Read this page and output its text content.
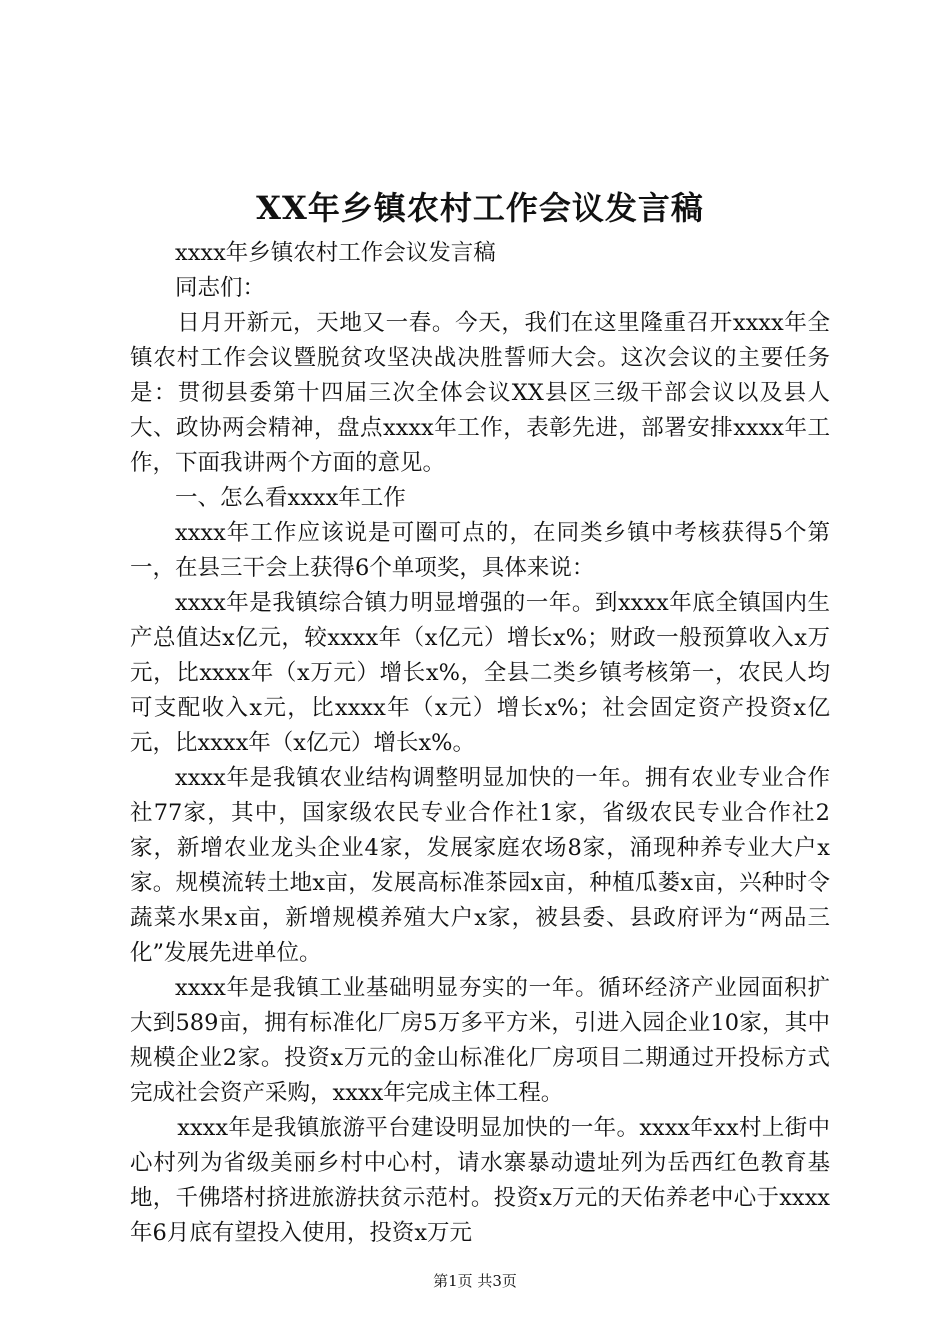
XX年乡镇农村工作会议发言稿

xxxx年乡镇农村工作会议发言稿

同志们：

日月开新元，天地又一春。今天，我们在这里隆重召开xxxx年全镇农村工作会议暨脱贫攻坚决战决胜誓师大会。这次会议的主要任务是：贯彻县委第十四届三次全体会议XX县区三级干部会议以及县人大、政协两会精神，盘点xxxx年工作，表彰先进，部署安排xxxx年工作，下面我讲两个方面的意见。

一、怎么看xxxx年工作

xxxx年工作应该说是可圈可点的，在同类乡镇中考核获得5个第一，在县三干会上获得6个单项奖，具体来说：

xxxx年是我镇综合镇力明显增强的一年。到xxxx年底全镇国内生产总值达x亿元，较xxxx年（x亿元）增长x%；财政一般预算收入x万元，比xxxx年（x万元）增长x%，全县二类乡镇考核第一，农民人均可支配收入x元，比xxxx年（x元）增长x%；社会固定资产投资x亿元，比xxxx年（x亿元）增长x%。

xxxx年是我镇农业结构调整明显加快的一年。拥有农业专业合作社77家，其中，国家级农民专业合作社1家，省级农民专业合作社2家，新增农业龙头企业4家，发展家庭农场8家，涌现种养专业大户x家。规模流转土地x亩，发展高标准茶园x亩，种植瓜蒌x亩，兴种时令蔬菜水果x亩，新增规模养殖大户x家，被县委、县政府评为“两品三化”发展先进单位。

xxxx年是我镇工业基础明显夯实的一年。循环经济产业园面积扩大到589亩，拥有标准化厂房5万多平方米，引进入园企业10家，其中规模企业2家。投资x万元的金山标准化厂房项目二期通过开投标方式完成社会资产采购，xxxx年完成主体工程。

xxxx年是我镇旅游平台建设明显加快的一年。xxxx年xx村上街中心村列为省级美丽乡村中心村，请水寨暴动遗址列为岳西红色教育基地，千佛塔村挤进旅游扶贫示范村。投资x万元的天佑养老中心于xxxx年6月底有望投入使用，投资x万元

第1页 共3页
